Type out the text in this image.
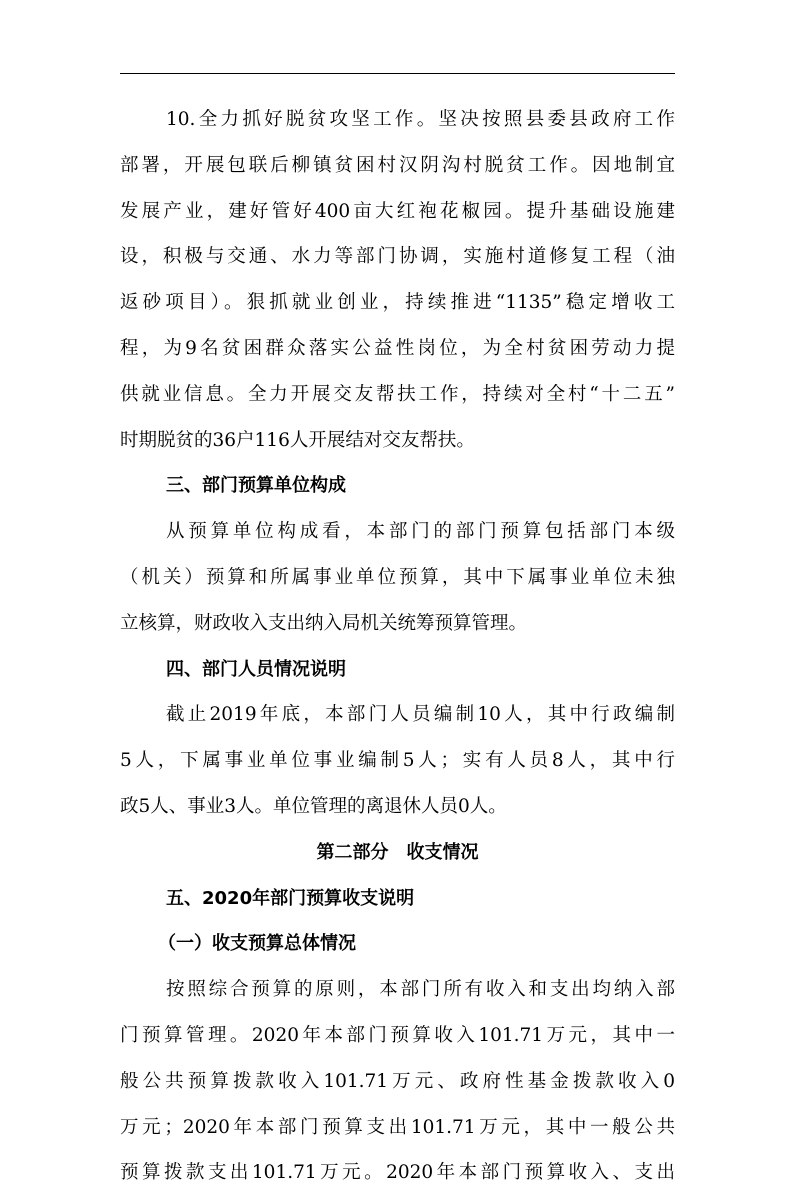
10.全力抓好脱贫攻坚工作。坚决按照县委县政府工作
部署，开展包联后柳镇贫困村汉阴沟村脱贫工作。因地制宜
发展产业，建好管好400亩大红袍花椒园。提升基础设施建
设，积极与交通、水力等部门协调，实施村道修复工程（油
返砂项目）。狠抓就业创业，持续推进“1135”稳定增收工
程，为9名贫困群众落实公益性岗位，为全村贫困劳动力提
供就业信息。全力开展交友帮扶工作，持续对全村“十二五”
时期脱贫的36户116人开展结对交友帮扶。
三、部门预算单位构成
从预算单位构成看，本部门的部门预算包括部门本级
（机关）预算和所属事业单位预算，其中下属事业单位未独
立核算，财政收入支出纳入局机关统筹预算管理。
四、部门人员情况说明
截止2019年底，本部门人员编制10人，其中行政编制
5人，下属事业单位事业编制5人；实有人员8人，其中行
政5人、事业3人。单位管理的离退休人员0人。
第二部分　收支情况
五、2020年部门预算收支说明
（一）收支预算总体情况
按照综合预算的原则，本部门所有收入和支出均纳入部
门预算管理。2020年本部门预算收入101.71万元，其中一
般公共预算拨款收入101.71万元、政府性基金拨款收入0
万元；2020年本部门预算支出101.71万元，其中一般公共
预算拨款支出101.71万元。2020年本部门预算收入、支出
